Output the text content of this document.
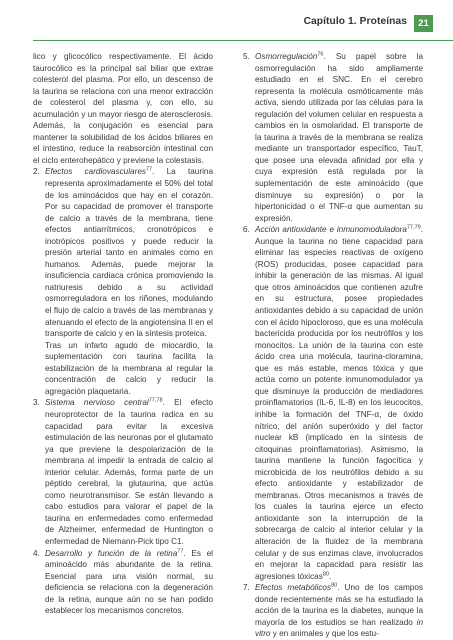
Capítulo 1. Proteínas	21

lico y glicocólico respectivamente. El ácido taurocólico es la principal sal biliar que extrae colesterol del plasma. Por ello, un descenso de la taurina se relaciona con una menor extracción de colesterol del plasma y, con ello, su acumulación y un mayor riesgo de aterosclerosis. Además, la conjugación es esencial para mantener la solubilidad de los ácidos biliares en el intestino, reduce la reabsorción intestinal con el ciclo enterohepático y previene la colestasis.

2. Efectos cardiovasculares$^{77}$. La taurina representa aproximadamente el 50% del total de los aminoácidos que hay en el corazón. Por su capacidad de promover el transporte de calcio a través de la membrana, tiene efectos antiarrítmicos, cronotrópicos e inotrópicos positivos y puede reducir la presión arterial tanto en animales como en humanos. Además, puede mejorar la insuficiencia cardiaca crónica promoviendo la natriuresis debido a su actividad osmorreguladora en los riñones, modulando el flujo de calcio a través de las membranas y atenuando el efecto de la angiotensina II en el transporte de calcio y en la síntesis proteica.
Tras un infarto agudo de miocardio, la suplementación con taurina facilita la estabilización de la membrana al regular la concentración de calcio y reducir la agregación plaquetaria.
3. Sistema nervioso central$^{77,78}$. El efecto neuroprotector de la taurina radica en su capacidad para evitar la excesiva estimulación de las neuronas por el glutamato ya que previene la despolarización de la membrana al impedir la entrada de calcio al interior celular. Además, forma parte de un péptido cerebral, la glutaurina, que actúa como neurotransmisor. Se están llevando a cabo estudios para valorar el papel de la taurina en enfermedades como enfermedad de Alzheimer, enfermedad de Huntington o enfermedad de Niemann-Pick tipo C1.
4. Desarrollo y función de la retina$^{77}$. Es el aminoácido más abundante de la retina. Esencial para una visión normal, su deficiencia se relaciona con la degeneración de la retina, aunque aún no se han podido establecer los mecanismos concretos.
5. Osmorregulación$^{76}$. Su papel sobre la osmorregulación ha sido ampliamente estudiado en el SNC. En el cerebro representa la molécula osmóticamente más activa, siendo utilizada por las células para la regulación del volumen celular en respuesta a cambios en la osmolaridad. El transporte de la taurina a través de la membrana se realiza mediante un transportador específico, TauT, que posee una elevada afinidad por ella y cuya expresión está regulada por la suplementación de este aminoácido (que disminuye su expresión) o por la hipertonicidad o el TNF-α que aumentan su expresión.
6. Acción antioxidante e inmunomoduladora$^{77,79}$. Aunque la taurina no tiene capacidad para eliminar las especies reactivas de oxígeno (ROS) producidas, posee capacidad para inhibir la generación de las mismas. Al igual que otros aminoácidos que contienen azufre en su estructura, posee propiedades antioxidantes debido a su capacidad de unión con el ácido hipocloroso, que es una molécula bactericida producida por los neutrófilos y los monocitos. La unión de la taurina con este ácido crea una molécula, taurina-cloramina, que es más estable, menos tóxica y que actúa como un potente inmunomodulador ya que disminuye la producción de mediadores proinflamatorios (IL-6, IL-8) en los leucocitos, inhibe la formación del TNF-α, de óxido nítrico, del anión superóxido y del factor nuclear kB (implicado en la síntesis de citoquinas proinflamatorias). Asimismo, la taurina mantiene la función fagocítica y microbicida de los neutrófilos debido a su efecto antioxidante y estabilizador de membranas. Otros mecanismos a través de los cuales la taurina ejerce un efecto antioxidante son la interrupción de la sobrecarga de calcio al interior celular y la alteración de la fluidez de la membrana celular y de sus enzimas clave, involucrados en mejorar la capacidad para resistir las agresiones tóxicas$^{80}$.
7. Efectos metabólicos$^{80}$. Uno de los campos donde recientemente más se ha estudiado la acción de la taurina es la diabetes, aunque la mayoría de los estudios se han realizado in vitro y en animales y que los estu-
